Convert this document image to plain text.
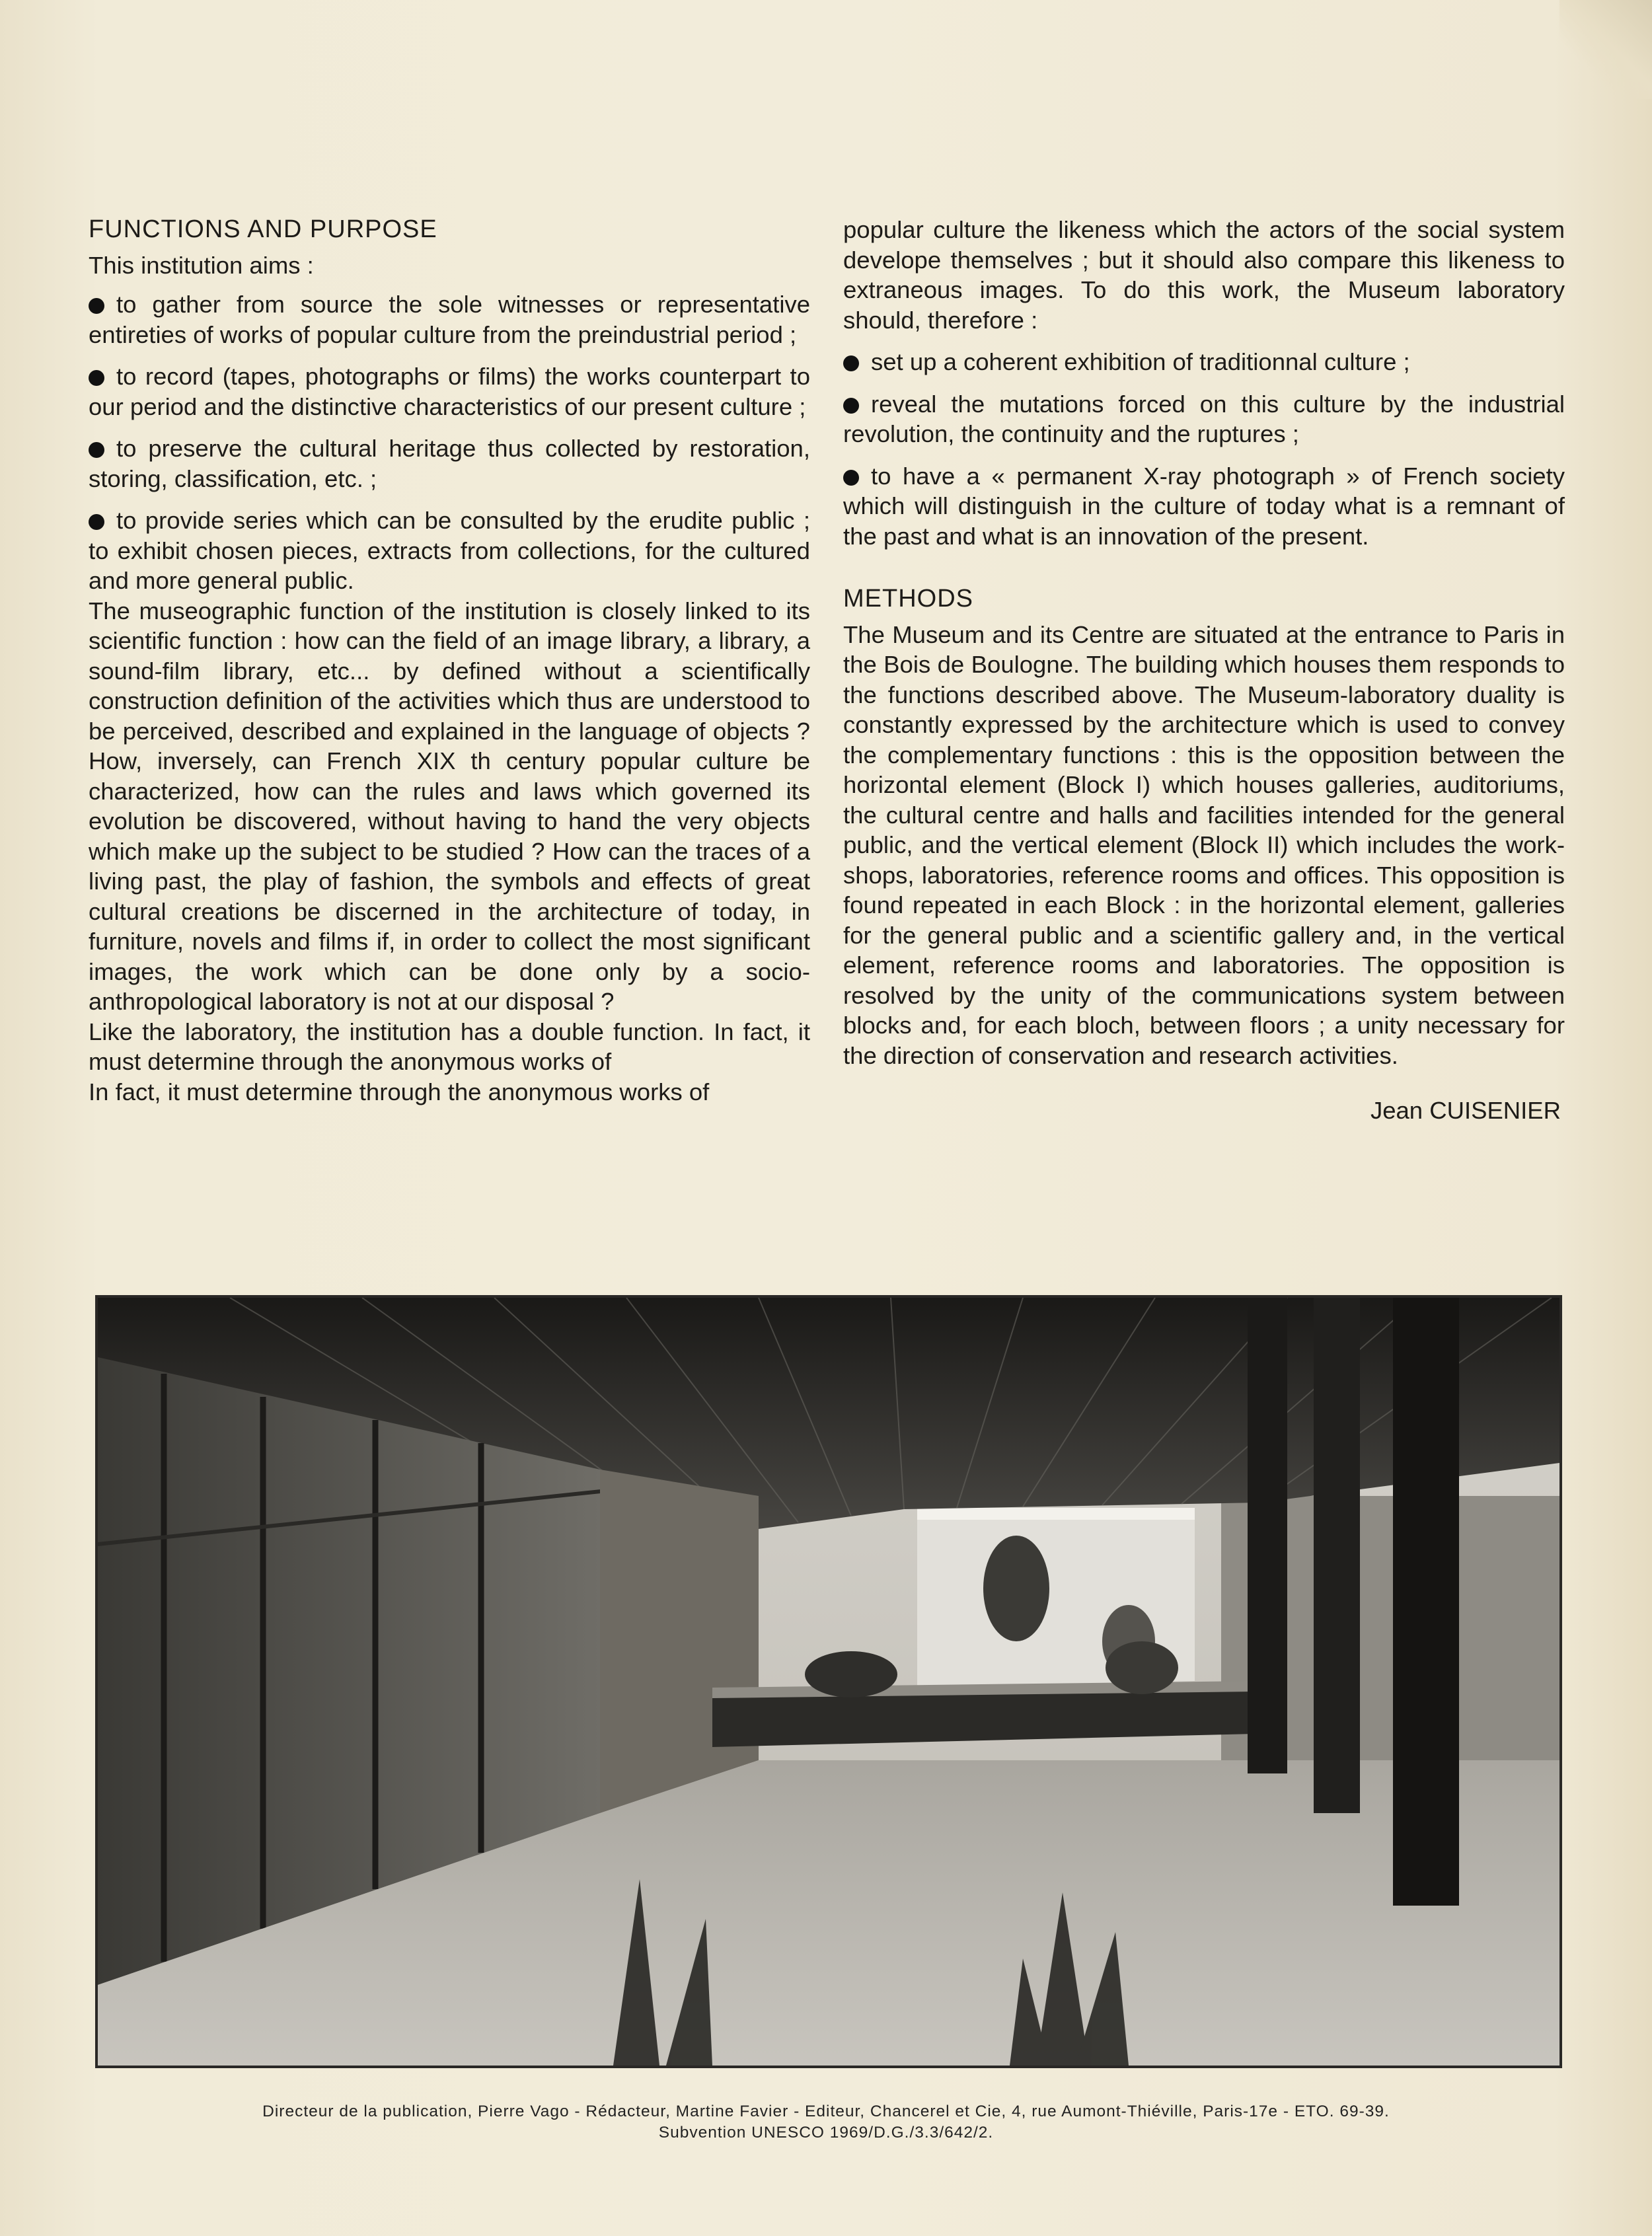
FUNCTIONS AND PURPOSE

This institution aims :

to gather from source the sole witnesses or representative entireties of works of popular culture from the preindustrial period ;

to record (tapes, photographs or films) the works counterpart to our period and the distinctive characteristics of our present culture ;

to preserve the cultural heritage thus collected by restoration, storing, classification, etc. ;

to provide series which can be consulted by the erudite public ; to exhibit chosen pieces, extracts from collections, for the cultured and more general public.

The museographic function of the institution is closely linked to its scientific function : how can the field of an image library, a library, a sound-film library, etc... by defined without a scientifically construction definition of the activities which thus are understood to be perceived, described and explained in the language of objects ? How, inversely, can French XIX th century popular culture be characterized, how can the rules and laws which governed its evolution be discovered, without having to hand the very objects which make up the subject to be studied ? How can the traces of a living past, the play of fashion, the symbols and effects of great cultural creations be discerned in the architecture of today, in furniture, novels and films if, in order to collect the most significant images, the work which can be done only by a socio-anthropological laboratory is not at our disposal ?

Like the laboratory, the institution has a double function. In fact, it must determine through the anonymous works of

In fact, it must determine through the anonymous works of

popular culture the likeness which the actors of the social system develope themselves ; but it should also compare this likeness to extraneous images. To do this work, the Museum laboratory should, therefore :

set up a coherent exhibition of traditionnal culture ;

reveal the mutations forced on this culture by the industrial revolution, the continuity and the ruptures ;

to have a « permanent X-ray photograph » of French society which will distinguish in the culture of today what is a remnant of the past and what is an innovation of the present.

METHODS

The Museum and its Centre are situated at the entrance to Paris in the Bois de Boulogne. The building which houses them responds to the functions described above. The Museum-laboratory duality is constantly expressed by the architecture which is used to convey the complementary functions : this is the opposition between the horizontal element (Block I) which houses galleries, auditoriums, the cultural centre and halls and facilities intended for the general public, and the vertical element (Block II) which includes the work-shops, laboratories, reference rooms and offices. This opposition is found repeated in each Block : in the horizontal element, galleries for the general public and a scientific gallery and, in the vertical element, reference rooms and laboratories. The opposition is resolved by the unity of the communications system between blocks and, for each bloch, between floors ; a unity necessary for the direction of conservation and research activities.

Jean CUISENIER
Directeur de la publication, Pierre Vago - Rédacteur, Martine Favier - Editeur, Chancerel et Cie, 4, rue Aumont-Thiéville, Paris-17e - ETO. 69-39.
Subvention UNESCO 1969/D.G./3.3/642/2.
